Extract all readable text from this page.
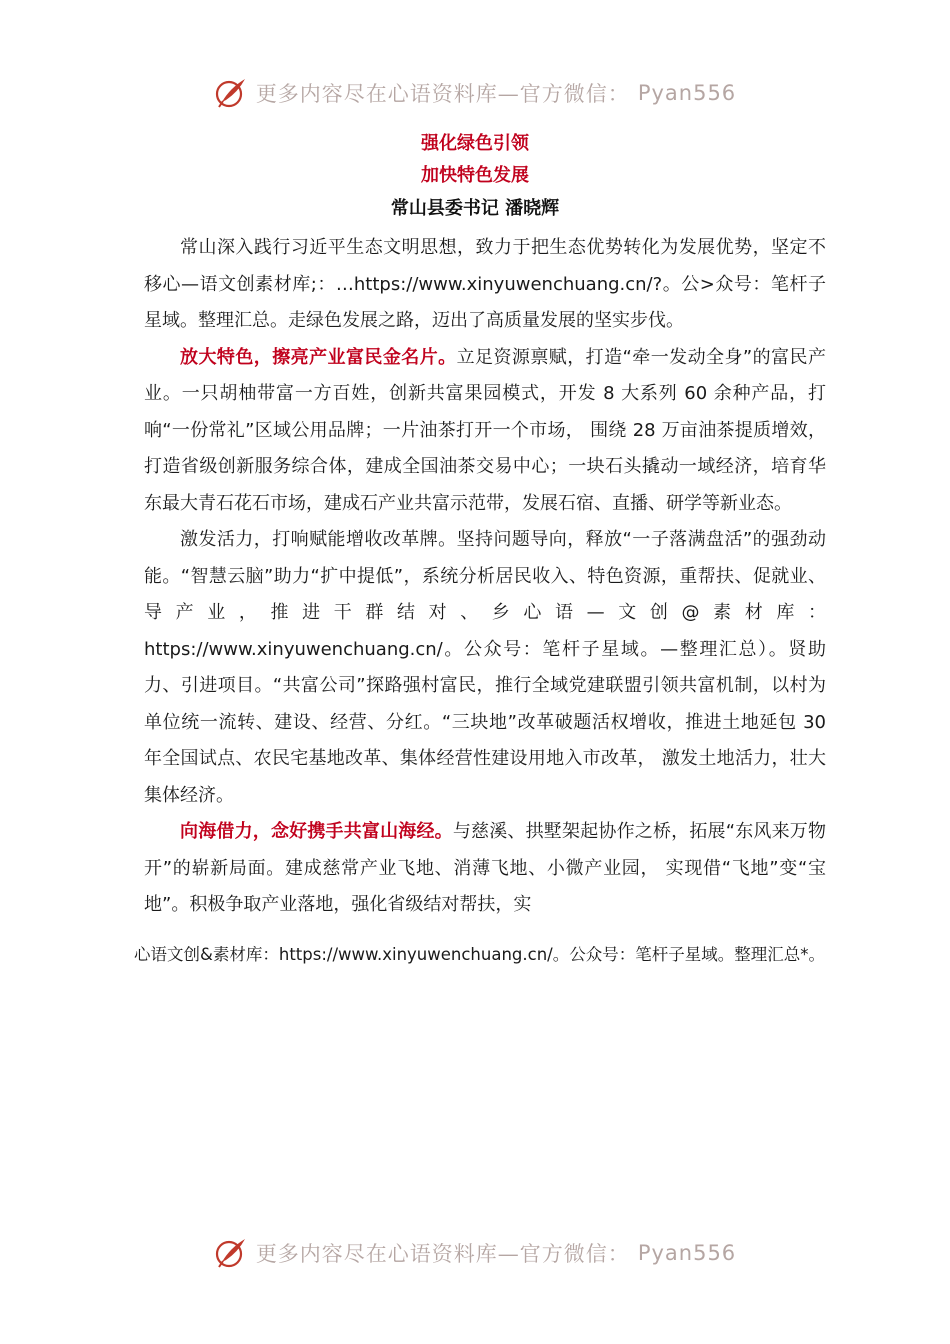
更多内容尽在心语资料库—官方微信： Pyan556
强化绿色引领
加快特色发展
常山县委书记 潘晓辉

常山深入践行习近平生态文明思想，致力于把生态优势转化为发展优势，坚定不移心—语文创素材库;：…https://www.xinyuwenchuang.cn/?。公>众号：笔杆子星域。整理汇总。走绿色发展之路，迈出了高质量发展的坚实步伐。

放大特色，擦亮产业富民金名片。立足资源禀赋，打造“牵一发动全身”的富民产业。一只胡柚带富一方百姓，创新共富果园模式，开发 8 大系列 60 余种产品，打响“一份常礼”区域公用品牌；一片油茶打开一个市场， 围绕 28 万亩油茶提质增效，打造省级创新服务综合体，建成全国油茶交易中心；一块石头撬动一域经济，培育华东最大青石花石市场，建成石产业共富示范带，发展石宿、直播、研学等新业态。

激发活力，打响赋能增收改革牌。坚持问题导向，释放“一子落满盘活”的强劲动能。“智慧云脑”助力“扩中提低”，系统分析居民收入、特色资源，重帮扶、促就业、导产业，推进干群结对、乡心语—文创@素材库：https://www.xinyuwenchuang.cn/。公众号：笔杆子星域。—整理汇总）。贤助力、引进项目。“共富公司”探路强村富民，推行全域党建联盟引领共富机制，以村为单位统一流转、建设、经营、分红。“三块地”改革破题活权增收，推进土地延包 30 年全国试点、农民宅基地改革、集体经营性建设用地入市改革， 激发土地活力，壮大集体经济。

向海借力，念好携手共富山海经。与慈溪、拱墅架起协作之桥，拓展“东风来万物开”的崭新局面。建成慈常产业飞地、消薄飞地、小微产业园， 实现借“飞地”变“宝地”。积极争取产业落地，强化省级结对帮扶，实

心语文创&素材库：https://www.xinyuwenchuang.cn/。公众号：笔杆子星域。整理汇总*。
更多内容尽在心语资料库—官方微信： Pyan556
